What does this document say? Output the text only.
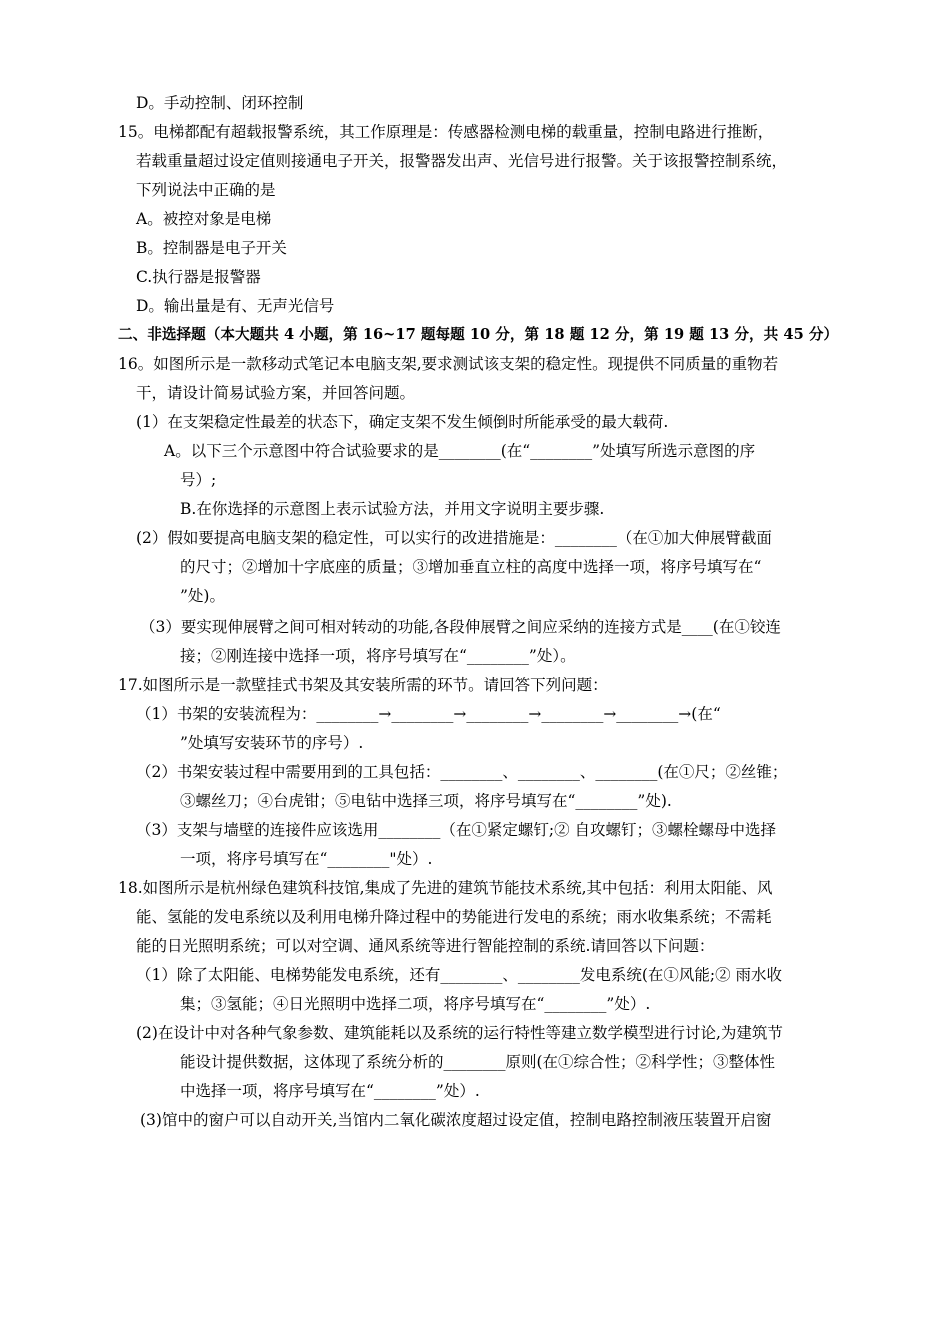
D。手动控制、闭环控制
15。电梯都配有超载报警系统，其工作原理是：传感器检测电梯的载重量，控制电路进行推断，
若载重量超过设定值则接通电子开关，报警器发出声、光信号进行报警。关于该报警控制系统，
下列说法中正确的是
A。被控对象是电梯
B。控制器是电子开关
C.执行器是报警器
D。输出量是有、无声光信号
二、非选择题（本大题共 4 小题，第 16~17 题每题 10 分，第 18 题 12 分，第 19 题 13 分，共 45 分）
16。如图所示是一款移动式笔记本电脑支架,要求测试该支架的稳定性。现提供不同质量的重物若
干，请设计简易试验方案，并回答问题。
(1）在支架稳定性最差的状态下，确定支架不发生倾倒时所能承受的最大载荷.
A。以下三个示意图中符合试验要求的是________(在“________”处填写所选示意图的序
号）;
B.在你选择的示意图上表示试验方法，并用文字说明主要步骤.
(2）假如要提高电脑支架的稳定性，可以实行的改进措施是：________（在①加大伸展臂截面
的尺寸；②增加十字底座的质量；③增加垂直立柱的高度中选择一项，将序号填写在“
”处)。
（3）要实现伸展臂之间可相对转动的功能,各段伸展臂之间应采纳的连接方式是____(在①铰连
接；②刚连接中选择一项，将序号填写在“________”处）。
17.如图所示是一款壁挂式书架及其安装所需的环节。请回答下列问题：
（1）书架的安装流程为：________→________→________→________→________→(在“
”处填写安装环节的序号）.
（2）书架安装过程中需要用到的工具包括：________、________、________(在①尺；②丝锥；
③螺丝刀；④台虎钳；⑤电钻中选择三项，将序号填写在“________”处).
（3）支架与墙壁的连接件应该选用________（在①紧定螺钉;② 自攻螺钉；③螺栓螺母中选择
一项，将序号填写在“________"处）.
18.如图所示是杭州绿色建筑科技馆,集成了先进的建筑节能技术系统,其中包括：利用太阳能、风
能、氢能的发电系统以及利用电梯升降过程中的势能进行发电的系统；雨水收集系统；不需耗
能的日光照明系统；可以对空调、通风系统等进行智能控制的系统.请回答以下问题：
（1）除了太阳能、电梯势能发电系统，还有________、________发电系统(在①风能;② 雨水收
集；③氢能；④日光照明中选择二项，将序号填写在“________”处）.
(2)在设计中对各种气象参数、建筑能耗以及系统的运行特性等建立数学模型进行讨论,为建筑节
能设计提供数据，这体现了系统分析的________原则(在①综合性；②科学性；③整体性
中选择一项，将序号填写在“________”处）.
(3)馆中的窗户可以自动开关,当馆内二氧化碳浓度超过设定值，控制电路控制液压装置开启窗
